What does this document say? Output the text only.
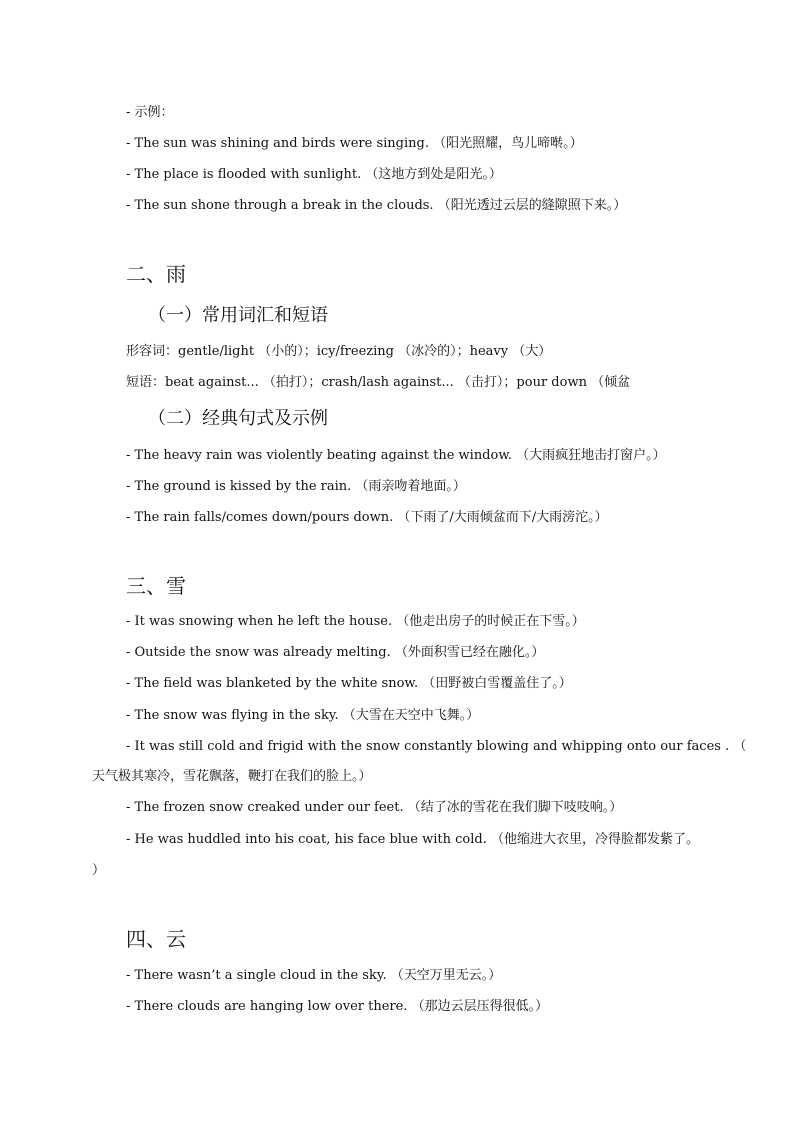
- 示例：
- The sun was shining and birds were singing. （阳光照耀，鸟儿啼啭。）
- The place is flooded with sunlight. （这地方到处是阳光。）
- The sun shone through a break in the clouds. （阳光透过云层的缝隙照下来。）
二、雨
（一）常用词汇和短语
形容词：gentle/light （小的）；icy/freezing （冰冷的）；heavy （大）
短语：beat against... （拍打）；crash/lash against... （击打）；pour down （倾盆
（二）经典句式及示例
- The heavy rain was violently beating against the window. （大雨疯狂地击打窗户。）
- The ground is kissed by the rain. （雨亲吻着地面。）
- The rain falls/comes down/pours down. （下雨了/大雨倾盆而下/大雨滂沱。）
三、雪
- It was snowing when he left the house. （他走出房子的时候正在下雪。）
- Outside the snow was already melting. （外面积雪已经在融化。）
- The field was blanketed by the white snow. （田野被白雪覆盖住了。）
- The snow was flying in the sky. （大雪在天空中飞舞。）
- It was still cold and frigid with the snow constantly blowing and whipping onto our faces . （
天气极其寒冷，雪花飘落，鞭打在我们的脸上。）
- The frozen snow creaked under our feet. （结了冰的雪花在我们脚下吱吱响。）
- He was huddled into his coat, his face blue with cold. （他缩进大衣里，冷得脸都发紫了。
）
四、云
- There wasn’t a single cloud in the sky. （天空万里无云。）
- There clouds are hanging low over there. （那边云层压得很低。）
